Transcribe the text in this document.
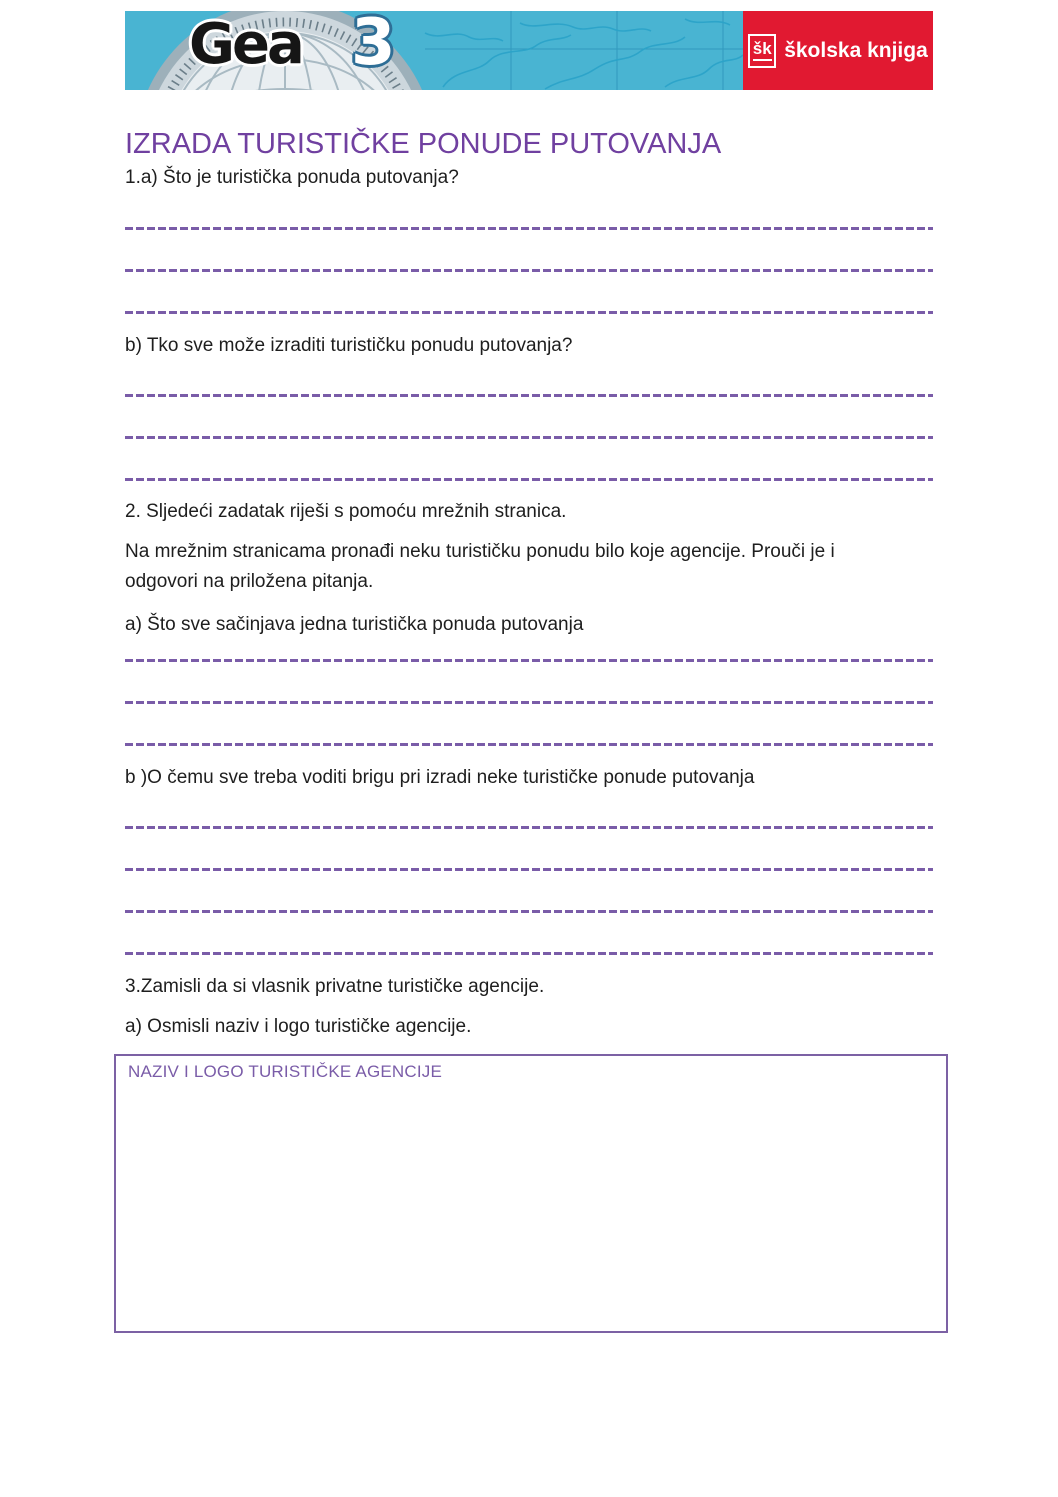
Gea 3	šk školska knjiga
IZRADA TURISTIČKE PONUDE PUTOVANJA
1.a) Što je turistička ponuda putovanja?
b) Tko sve može izraditi turističku ponudu putovanja?
2. Sljedeći zadatak riješi s pomoću mrežnih stranica.
Na mrežnim stranicama pronađi neku turističku ponudu bilo koje agencije. Prouči je i
odgovori na priložena pitanja.
a) Što sve sačinjava jedna turistička ponuda putovanja
b )O čemu sve treba voditi brigu pri izradi neke turističke ponude putovanja
3.Zamisli da si vlasnik privatne turističke agencije.
a) Osmisli naziv i logo turističke agencije.
NAZIV I LOGO TURISTIČKE AGENCIJE
